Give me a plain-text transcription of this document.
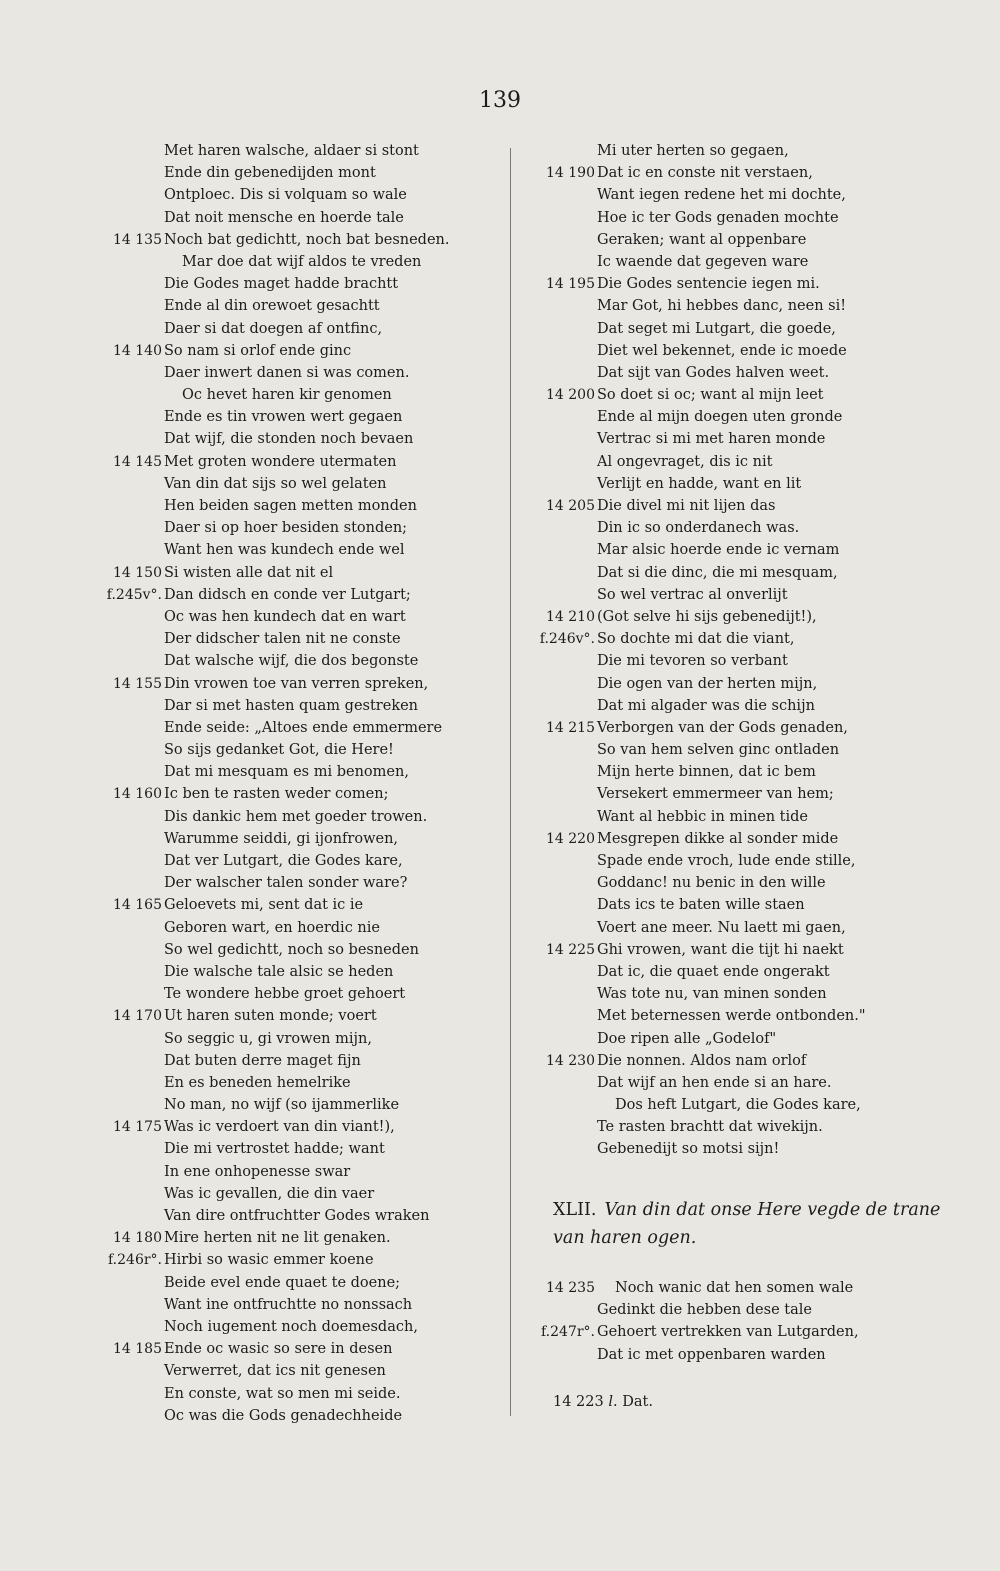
139
Met haren walsche, aldaer si stont
Ende din gebenedijden mont
Ontploec. Dis si volquam so wale
Dat noit mensche en hoerde tale
14 135 Noch bat gedichtt, noch bat besneden.
Mar doe dat wijf aldos te vreden
Die Godes maget hadde brachtt
Ende al din orewoet gesachtt
Daer si dat doegen af ontfinc,
14 140 So nam si orlof ende ginc
Daer inwert danen si was comen.
Oc hevet haren kir genomen
Ende es tin vrowen wert gegaen
Dat wijf, die stonden noch bevaen
14 145 Met groten wondere utermaten
Van din dat sijs so wel gelaten
Hen beiden sagen metten monden
Daer si op hoer besiden stonden;
Want hen was kundech ende wel
14 150 Si wisten alle dat nit el
f.245v°. Dan didsch en conde ver Lutgart;
Oc was hen kundech dat en wart
Der didscher talen nit ne conste
Dat walsche wijf, die dos begonste
14 155 Din vrowen toe van verren spreken,
Dar si met hasten quam gestreken
Ende seide: „Altoes ende emmermere
So sijs gedanket Got, die Here!
Dat mi mesquam es mi benomen,
14 160 Ic ben te rasten weder comen;
Dis dankic hem met goeder trowen.
Warumme seiddi, gi ijonfrowen,
Dat ver Lutgart, die Godes kare,
Der walscher talen sonder ware?
14 165 Geloevets mi, sent dat ic ie
Geboren wart, en hoerdic nie
So wel gedichtt, noch so besneden
Die walsche tale alsic se heden
Te wondere hebbe groet gehoert
14 170 Ut haren suten monde; voert
So seggic u, gi vrowen mijn,
Dat buten derre maget fijn
En es beneden hemelrike
No man, no wijf (so ijammerlike
14 175 Was ic verdoert van din viant!),
Die mi vertrostet hadde; want
In ene onhopenesse swar
Was ic gevallen, die din vaer
Van dire ontfruchtter Godes wraken
14 180 Mire herten nit ne lit genaken.
f.246r°. Hirbi so wasic emmer koene
Beide evel ende quaet te doene;
Want ine ontfruchtte no nonssach
Noch iugement noch doemesdach,
14 185 Ende oc wasic so sere in desen
Verwerret, dat ics nit genesen
En conste, wat so men mi seide.
Oc was die Gods genadechheide
Mi uter herten so gegaen,
14 190 Dat ic en conste nit verstaen,
Want iegen redene het mi dochte,
Hoe ic ter Gods genaden mochte
Geraken; want al oppenbare
Ic waende dat gegeven ware
14 195 Die Godes sentencie iegen mi.
Mar Got, hi hebbes danc, neen si!
Dat seget mi Lutgart, die goede,
Diet wel bekennet, ende ic moede
Dat sijt van Godes halven weet.
14 200 So doet si oc; want al mijn leet
Ende al mijn doegen uten gronde
Vertrac si mi met haren monde
Al ongevraget, dis ic nit
Verlijt en hadde, want en lit
14 205 Die divel mi nit lijen das
Din ic so onderdanech was.
Mar alsic hoerde ende ic vernam
Dat si die dinc, die mi mesquam,
So wel vertrac al onverlijt
14 210 (Got selve hi sijs gebenedijt!),
f.246v°. So dochte mi dat die viant,
Die mi tevoren so verbant
Die ogen van der herten mijn,
Dat mi algader was die schijn
14 215 Verborgen van der Gods genaden,
So van hem selven ginc ontladen
Mijn herte binnen, dat ic bem
Versekert emmermeer van hem;
Want al hebbic in minen tide
14 220 Mesgrepen dikke al sonder mide
Spade ende vroch, lude ende stille,
Goddanc! nu benic in den wille
Dats ics te baten wille staen
Voert ane meer. Nu laett mi gaen,
14 225 Ghi vrowen, want die tijt hi naekt
Dat ic, die quaet ende ongerakt
Was tote nu, van minen sonden
Met beternessen werde ontbonden."
Doe ripen alle „Godelof"
14 230 Die nonnen. Aldos nam orlof
Dat wijf an hen ende si an hare.
Dos heft Lutgart, die Godes kare,
Te rasten brachtt dat wivekijn.
Gebenedijt so motsi sijn!
XLII. Van din dat onse Here vegde de trane van haren ogen.
14 235 Noch wanic dat hen somen wale
Gedinkt die hebben dese tale
f.247r°. Gehoert vertrekken van Lutgarden,
Dat ic met oppenbaren warden
14 223 l. Dat.
